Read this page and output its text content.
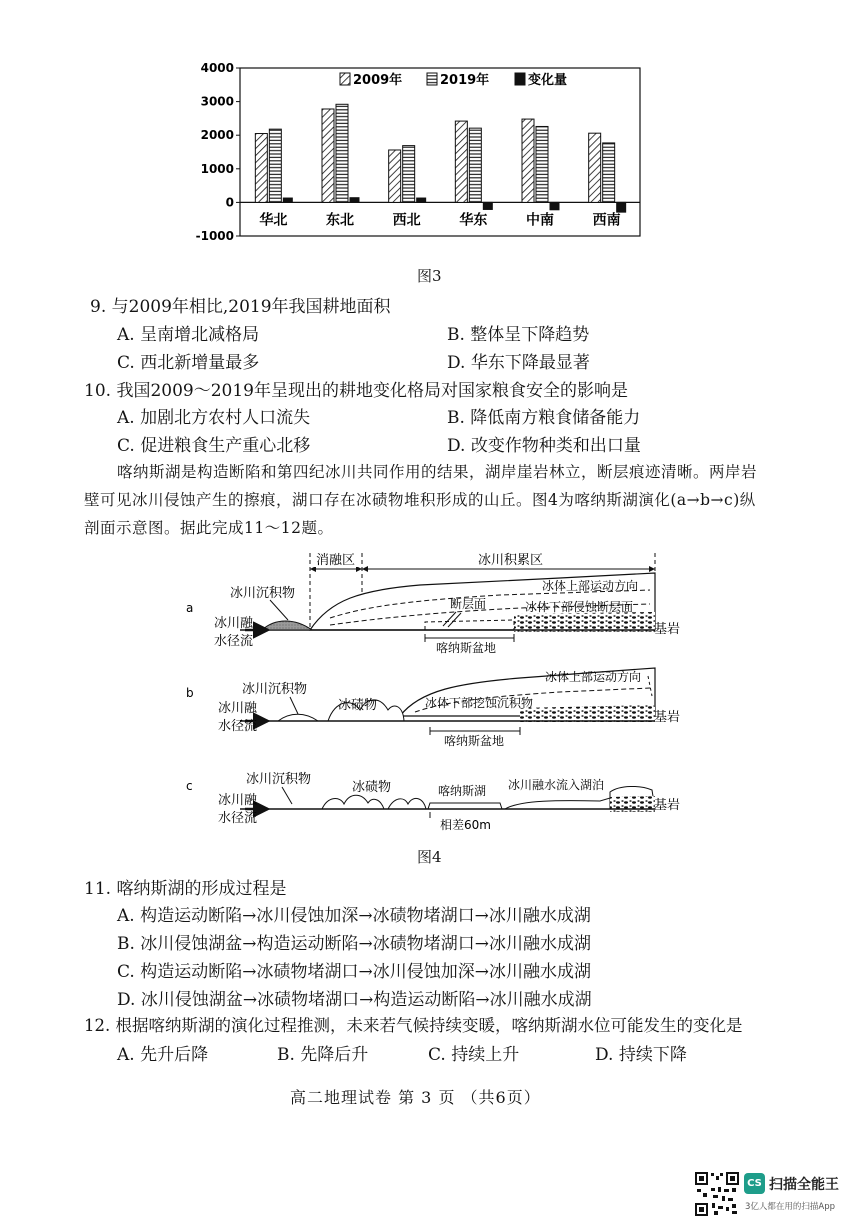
4000
3000
2000
1000
0
-1000
华北	东北	西北	华东	中南	西南
2009年	2019年	变化量
图3
9. 与2009年相比,2019年我国耕地面积
A. 呈南增北减格局	B. 整体呈下降趋势
C. 西北新增量最多	D. 华东下降最显著
10. 我国2009～2019年呈现出的耕地变化格局对国家粮食安全的影响是
A. 加剧北方农村人口流失	B. 降低南方粮食储备能力
C. 促进粮食生产重心北移	D. 改变作物种类和出口量
喀纳斯湖是构造断陷和第四纪冰川共同作用的结果，湖岸崖岩林立，断层痕迹清晰。两岸岩
壁可见冰川侵蚀产生的擦痕，湖口存在冰碛物堆积形成的山丘。图4为喀纳斯湖演化(a→b→c)纵
剖面示意图。据此完成11～12题。
a
消融区	冰川积累区
冰川沉积物
冰川融
水径流
冰体上部运动方向
冰体下部侵蚀断层面
断层面
喀纳斯盆地
基岩
b	冰川沉积物
冰川融
水径流
冰碛物
冰体上部运动方向
冰体下部挖蚀沉积物
喀纳斯盆地
基岩
c	冰川沉积物
冰川融
水径流
冰碛物	喀纳斯湖 冰川融水流入湖泊
相差60m
基岩
图4
11. 喀纳斯湖的形成过程是
A. 构造运动断陷→冰川侵蚀加深→冰碛物堵湖口→冰川融水成湖
B. 冰川侵蚀湖盆→构造运动断陷→冰碛物堵湖口→冰川融水成湖
C. 构造运动断陷→冰碛物堵湖口→冰川侵蚀加深→冰川融水成湖
D. 冰川侵蚀湖盆→冰碛物堵湖口→构造运动断陷→冰川融水成湖
12. 根据喀纳斯湖的演化过程推测，未来若气候持续变暖，喀纳斯湖水位可能发生的变化是
A. 先升后降	B. 先降后升	C. 持续上升	D. 持续下降
高二地理试卷 第 3 页 （共6页）
CS 扫描全能王
3亿人都在用的扫描App
